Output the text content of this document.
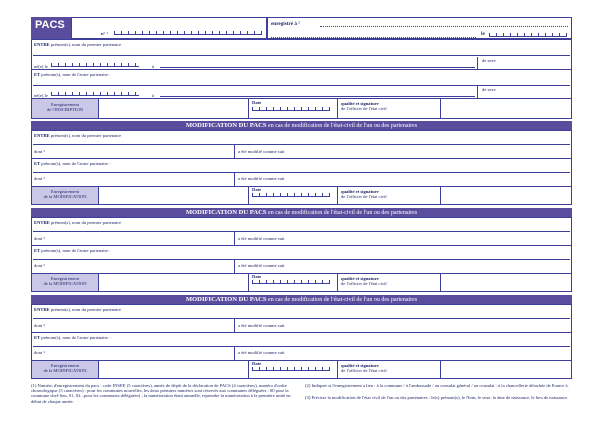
PACS
n° ¹
enregistré à ²
le
ENTRE prénom(s), nom du premier partenaire
né(e) le	à
de sexe
ET prénom(s), nom de l'autre partenaire :
né(e) le	à
de sexe
Enregistrement
de l'INSCRIPTION
Date	qualité et signature
de l'officier de l'état civil
MODIFICATION DU PACS en cas de modification de l'état-civil de l'un ou des partenaires
ENTRE prénom(s), nom du premier partenaire
dont ³	a été modifié comme suit
ET prénom(s), nom de l'autre partenaire :
dont ³	a été modifié comme suit
Enregistrement
de la MODIFICATION
Date	qualité et signature
de l'officier de l'état civil
MODIFICATION DU PACS en cas de modification de l'état-civil de l'un ou des partenaires
ENTRE prénom(s), nom du premier partenaire
dont ³	a été modifié comme suit
ET prénom(s), nom de l'autre partenaire :
dont ³	a été modifié comme suit
Enregistrement
de la MODIFICATION
Date	qualité et signature
de l'officier de l'état civil
MODIFICATION DU PACS en cas de modification de l'état-civil de l'un ou des partenaires
ENTRE prénom(s), nom du premier partenaire
dont ³	a été modifié comme suit
ET prénom(s), nom de l'autre partenaire :
dont ³	a été modifié comme suit
Enregistrement
de la MODIFICATION
Date	qualité et signature
de l'officier de l'état civil
(1) Numéro d'enregistrement du pacs : code INSEE (5 caractères), année de dépôt de la déclaration de PACS (4 caractères), numéro d'ordre chronologique (5 caractères) : pour les communes nouvelles, les deux premiers numéros sont réservés aux communes déléguées : 00 pour la commune chef-lieu, 01, 02...pour les communes déléguées) ; la numérotation étant annuelle, reprendre la numérotation à la première unité en début de chaque année.
(2) Indiquer si l'enregistrement a lieu : à la commune / à l'ambassade / au consulat général / au consulat : à la chancellerie détachée de France à.
(3) Préciser la modification de l'état civil de l'un ou des partenaires : le(s) prénom(s), le Nom, le sexe, la date de naissance, le lieu de naissance.
